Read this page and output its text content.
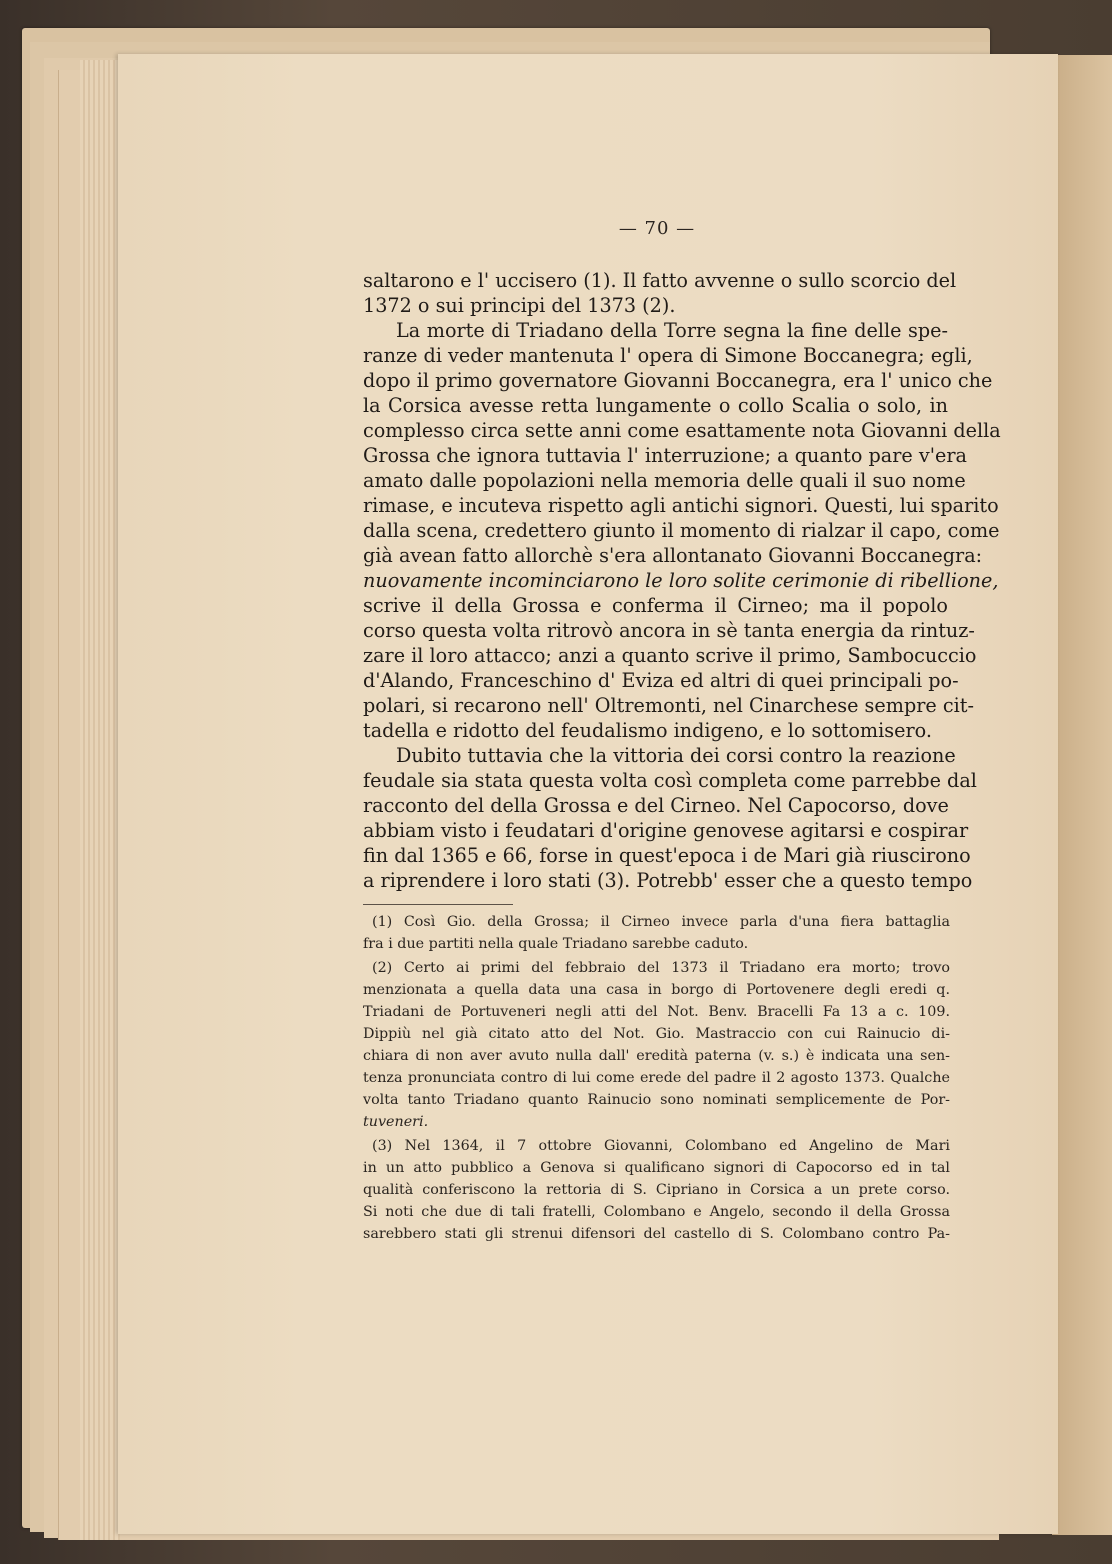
— 70 —
saltarono e l' uccisero (1). Il fatto avvenne o sullo scorcio del
1372 o sui principi del 1373 (2).
La morte di Triadano della Torre segna la fine delle spe-
ranze di veder mantenuta l' opera di Simone Boccanegra; egli,
dopo il primo governatore Giovanni Boccanegra, era l' unico che
la Corsica avesse retta lungamente o collo Scalia o solo, in
complesso circa sette anni come esattamente nota Giovanni della
Grossa che ignora tuttavia l' interruzione; a quanto pare v'era
amato dalle popolazioni nella memoria delle quali il suo nome
rimase, e incuteva rispetto agli antichi signori. Questi, lui sparito
dalla scena, credettero giunto il momento di rialzar il capo, come
già avean fatto allorchè s'era allontanato Giovanni Boccanegra:
nuovamente incominciarono le loro solite cerimonie di ribellione,
scrive il della Grossa e conferma il Cirneo; ma il popolo
corso questa volta ritrovò ancora in sè tanta energia da rintuz-
zare il loro attacco; anzi a quanto scrive il primo, Sambocuccio
d'Alando, Franceschino d' Eviza ed altri di quei principali po-
polari, si recarono nell' Oltremonti, nel Cinarchese sempre cit-
tadella e ridotto del feudalismo indigeno, e lo sottomisero.
Dubito tuttavia che la vittoria dei corsi contro la reazione
feudale sia stata questa volta così completa come parrebbe dal
racconto del della Grossa e del Cirneo. Nel Capocorso, dove
abbiam visto i feudatari d'origine genovese agitarsi e cospirar
fin dal 1365 e 66, forse in quest'epoca i de Mari già riuscirono
a riprendere i loro stati (3). Potrebb' esser che a questo tempo
(1) Così Gio. della Grossa; il Cirneo invece parla d'una fiera battaglia
fra i due partiti nella quale Triadano sarebbe caduto.
(2) Certo ai primi del febbraio del 1373 il Triadano era morto; trovo
menzionata a quella data una casa in borgo di Portovenere degli eredi q.
Triadani de Portuveneri negli atti del Not. Benv. Bracelli Fa 13 a c. 109.
Dippiù nel già citato atto del Not. Gio. Mastraccio con cui Rainucio di-
chiara di non aver avuto nulla dall' eredità paterna (v. s.) è indicata una sen-
tenza pronunciata contro di lui come erede del padre il 2 agosto 1373. Qualche
volta tanto Triadano quanto Rainucio sono nominati semplicemente de Por-
tuveneri.
(3) Nel 1364, il 7 ottobre Giovanni, Colombano ed Angelino de Mari
in un atto pubblico a Genova si qualificano signori di Capocorso ed in tal
qualità conferiscono la rettoria di S. Cipriano in Corsica a un prete corso.
Si noti che due di tali fratelli, Colombano e Angelo, secondo il della Grossa
sarebbero stati gli strenui difensori del castello di S. Colombano contro Pa-
